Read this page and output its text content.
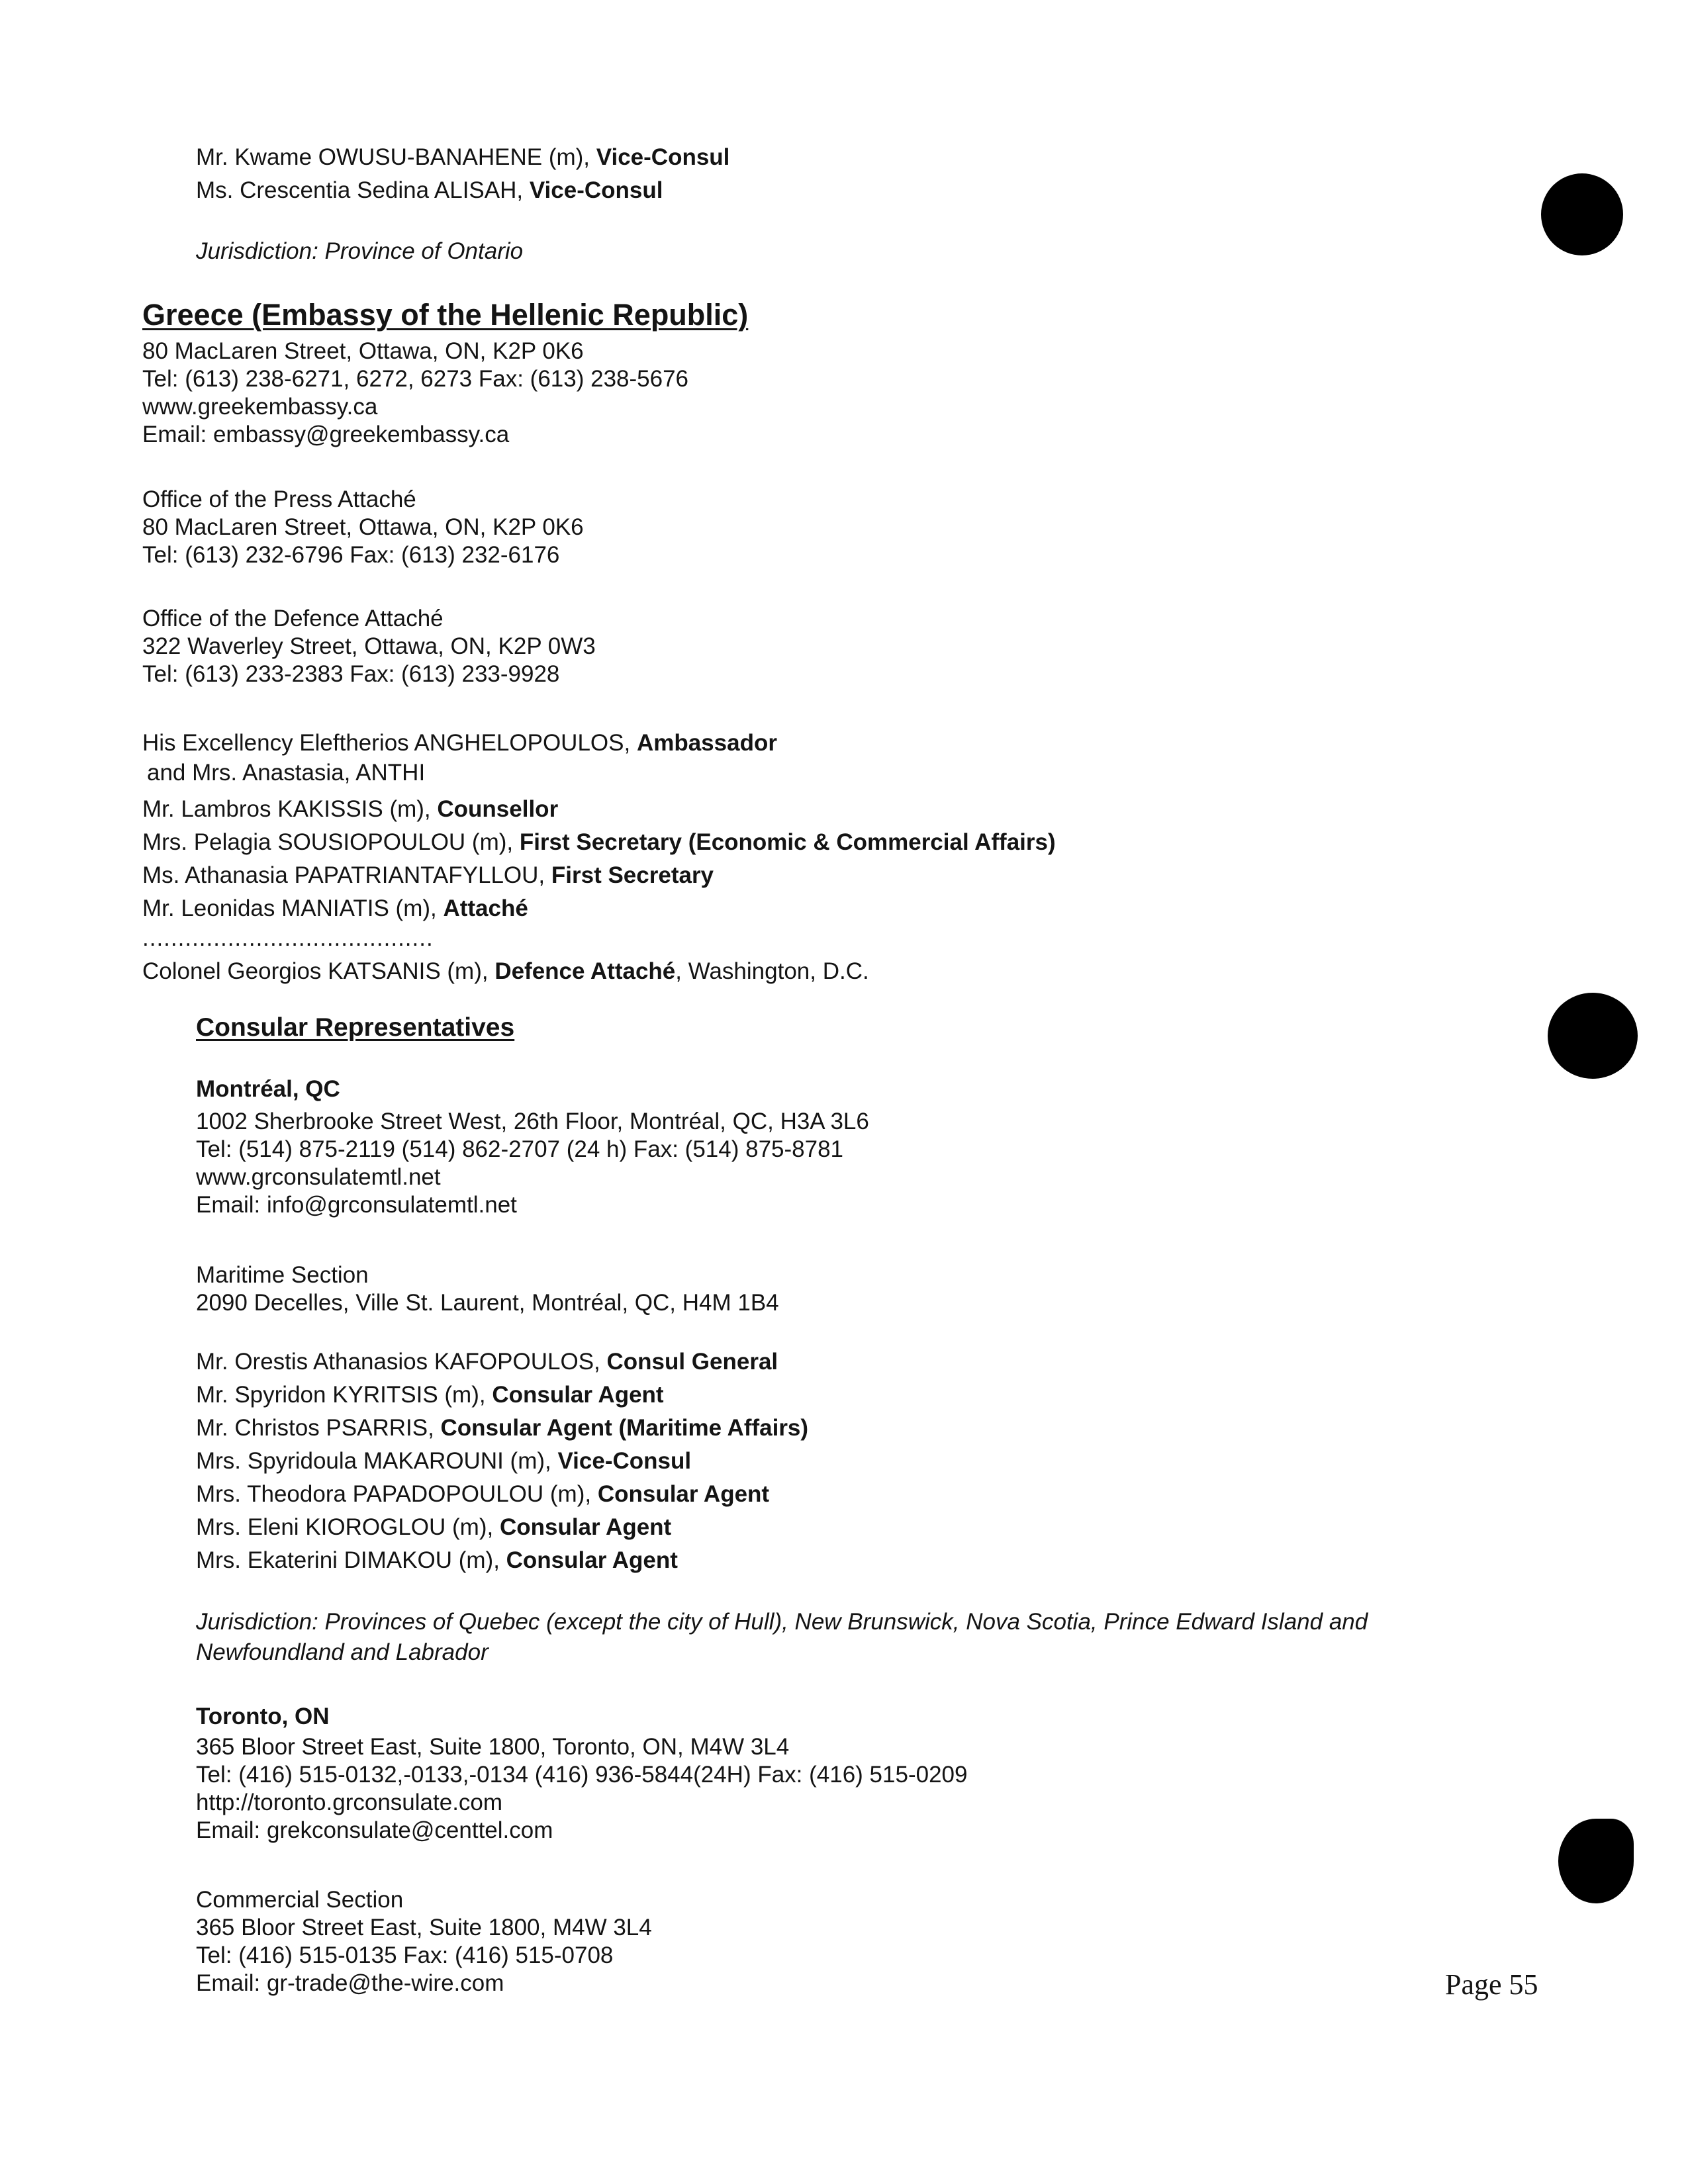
Mr. Kwame OWUSU-BANAHENE (m), Vice-Consul
Ms. Crescentia Sedina ALISAH, Vice-Consul
Jurisdiction: Province of Ontario
Greece (Embassy of the Hellenic Republic)
80 MacLaren Street, Ottawa, ON, K2P 0K6
Tel: (613) 238-6271, 6272, 6273 Fax: (613) 238-5676
www.greekembassy.ca
Email: embassy@greekembassy.ca
Office of the Press Attaché
80 MacLaren Street, Ottawa, ON, K2P 0K6
Tel: (613) 232-6796 Fax: (613) 232-6176
Office of the Defence Attaché
322 Waverley Street, Ottawa, ON, K2P 0W3
Tel: (613) 233-2383 Fax: (613) 233-9928
His Excellency Eleftherios ANGHELOPOULOS, Ambassador
and Mrs. Anastasia, ANTHI
Mr. Lambros KAKISSIS (m), Counsellor
Mrs. Pelagia SOUSIOPOULOU (m), First Secretary (Economic & Commercial Affairs)
Ms. Athanasia PAPATRIANTAFYLLOU, First Secretary
Mr. Leonidas MANIATIS (m), Attaché
.........................................
Colonel Georgios KATSANIS (m), Defence Attaché, Washington, D.C.
Consular Representatives
Montréal, QC
1002 Sherbrooke Street West, 26th Floor, Montréal, QC, H3A 3L6
Tel: (514) 875-2119 (514) 862-2707 (24 h) Fax: (514) 875-8781
www.grconsulatemtl.net
Email: info@grconsulatemtl.net
Maritime Section
2090 Decelles, Ville St. Laurent, Montréal, QC, H4M 1B4
Mr. Orestis Athanasios KAFOPOULOS, Consul General
Mr. Spyridon KYRITSIS (m), Consular Agent
Mr. Christos PSARRIS, Consular Agent (Maritime Affairs)
Mrs. Spyridoula MAKAROUNI (m), Vice-Consul
Mrs. Theodora PAPADOPOULOU (m), Consular Agent
Mrs. Eleni KIOROGLOU (m), Consular Agent
Mrs. Ekaterini DIMAKOU (m), Consular Agent
Jurisdiction: Provinces of Quebec (except the city of Hull), New Brunswick, Nova Scotia, Prince Edward Island and
Newfoundland and Labrador
Toronto, ON
365 Bloor Street East, Suite 1800, Toronto, ON, M4W 3L4
Tel: (416) 515-0132,-0133,-0134 (416) 936-5844(24H) Fax: (416) 515-0209
http://toronto.grconsulate.com
Email: grekconsulate@centtel.com
Commercial Section
365 Bloor Street East, Suite 1800, M4W 3L4
Tel: (416) 515-0135 Fax: (416) 515-0708
Email: gr-trade@the-wire.com	Page 55
